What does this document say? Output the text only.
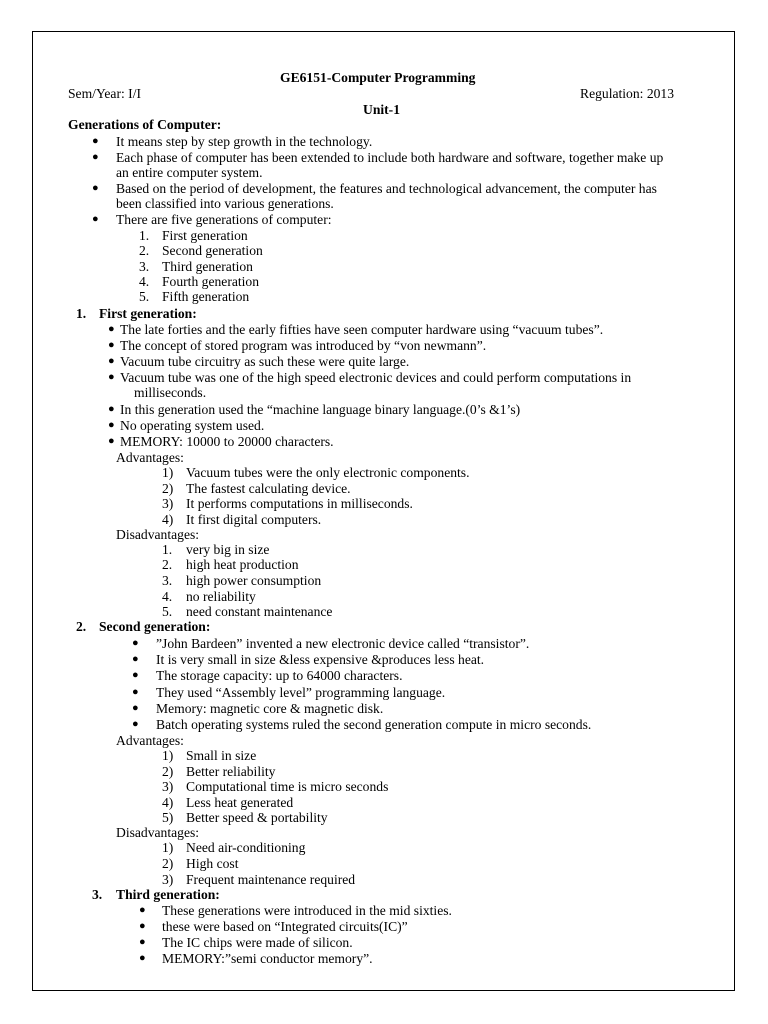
GE6151-Computer Programming
Sem/Year: I/I	Regulation: 2013
Unit-1
Generations of Computer:
● It means step by step growth in the technology.
● Each phase of computer has been extended to include both hardware and software, together make up
an entire computer system.
● Based on the period of development, the features and technological advancement, the computer has
been classified into various generations.
● There are five generations of computer:
1. First generation
2. Second generation
3. Third generation
4. Fourth generation
5. Fifth generation
1. First generation:
● The late forties and the early fifties have seen computer hardware using “vacuum tubes”.
● The concept of stored program was introduced by “von newmann”.
● Vacuum tube circuitry as such these were quite large.
● Vacuum tube was one of the high speed electronic devices and could perform computations in
milliseconds.
● In this generation used the “machine language binary language.(0’s &1’s)
● No operating system used.
● MEMORY: 10000 to 20000 characters.
Advantages:
1) Vacuum tubes were the only electronic components.
2) The fastest calculating device.
3) It performs computations in milliseconds.
4) It first digital computers.
Disadvantages:
1. very big in size
2. high heat production
3. high power consumption
4. no reliability
5. need constant maintenance
2. Second generation:
● ”John Bardeen” invented a new electronic device called “transistor”.
● It is very small in size &less expensive &produces less heat.
● The storage capacity: up to 64000 characters.
● They used “Assembly level” programming language.
● Memory: magnetic core & magnetic disk.
● Batch operating systems ruled the second generation compute in micro seconds.
Advantages:
1) Small in size
2) Better reliability
3) Computational time is micro seconds
4) Less heat generated
5) Better speed & portability
Disadvantages:
1) Need air-conditioning
2) High cost
3) Frequent maintenance required
3. Third generation:
● These generations were introduced in the mid sixties.
● these were based on “Integrated circuits(IC)”
● The IC chips were made of silicon.
● MEMORY:”semi conductor memory”.
